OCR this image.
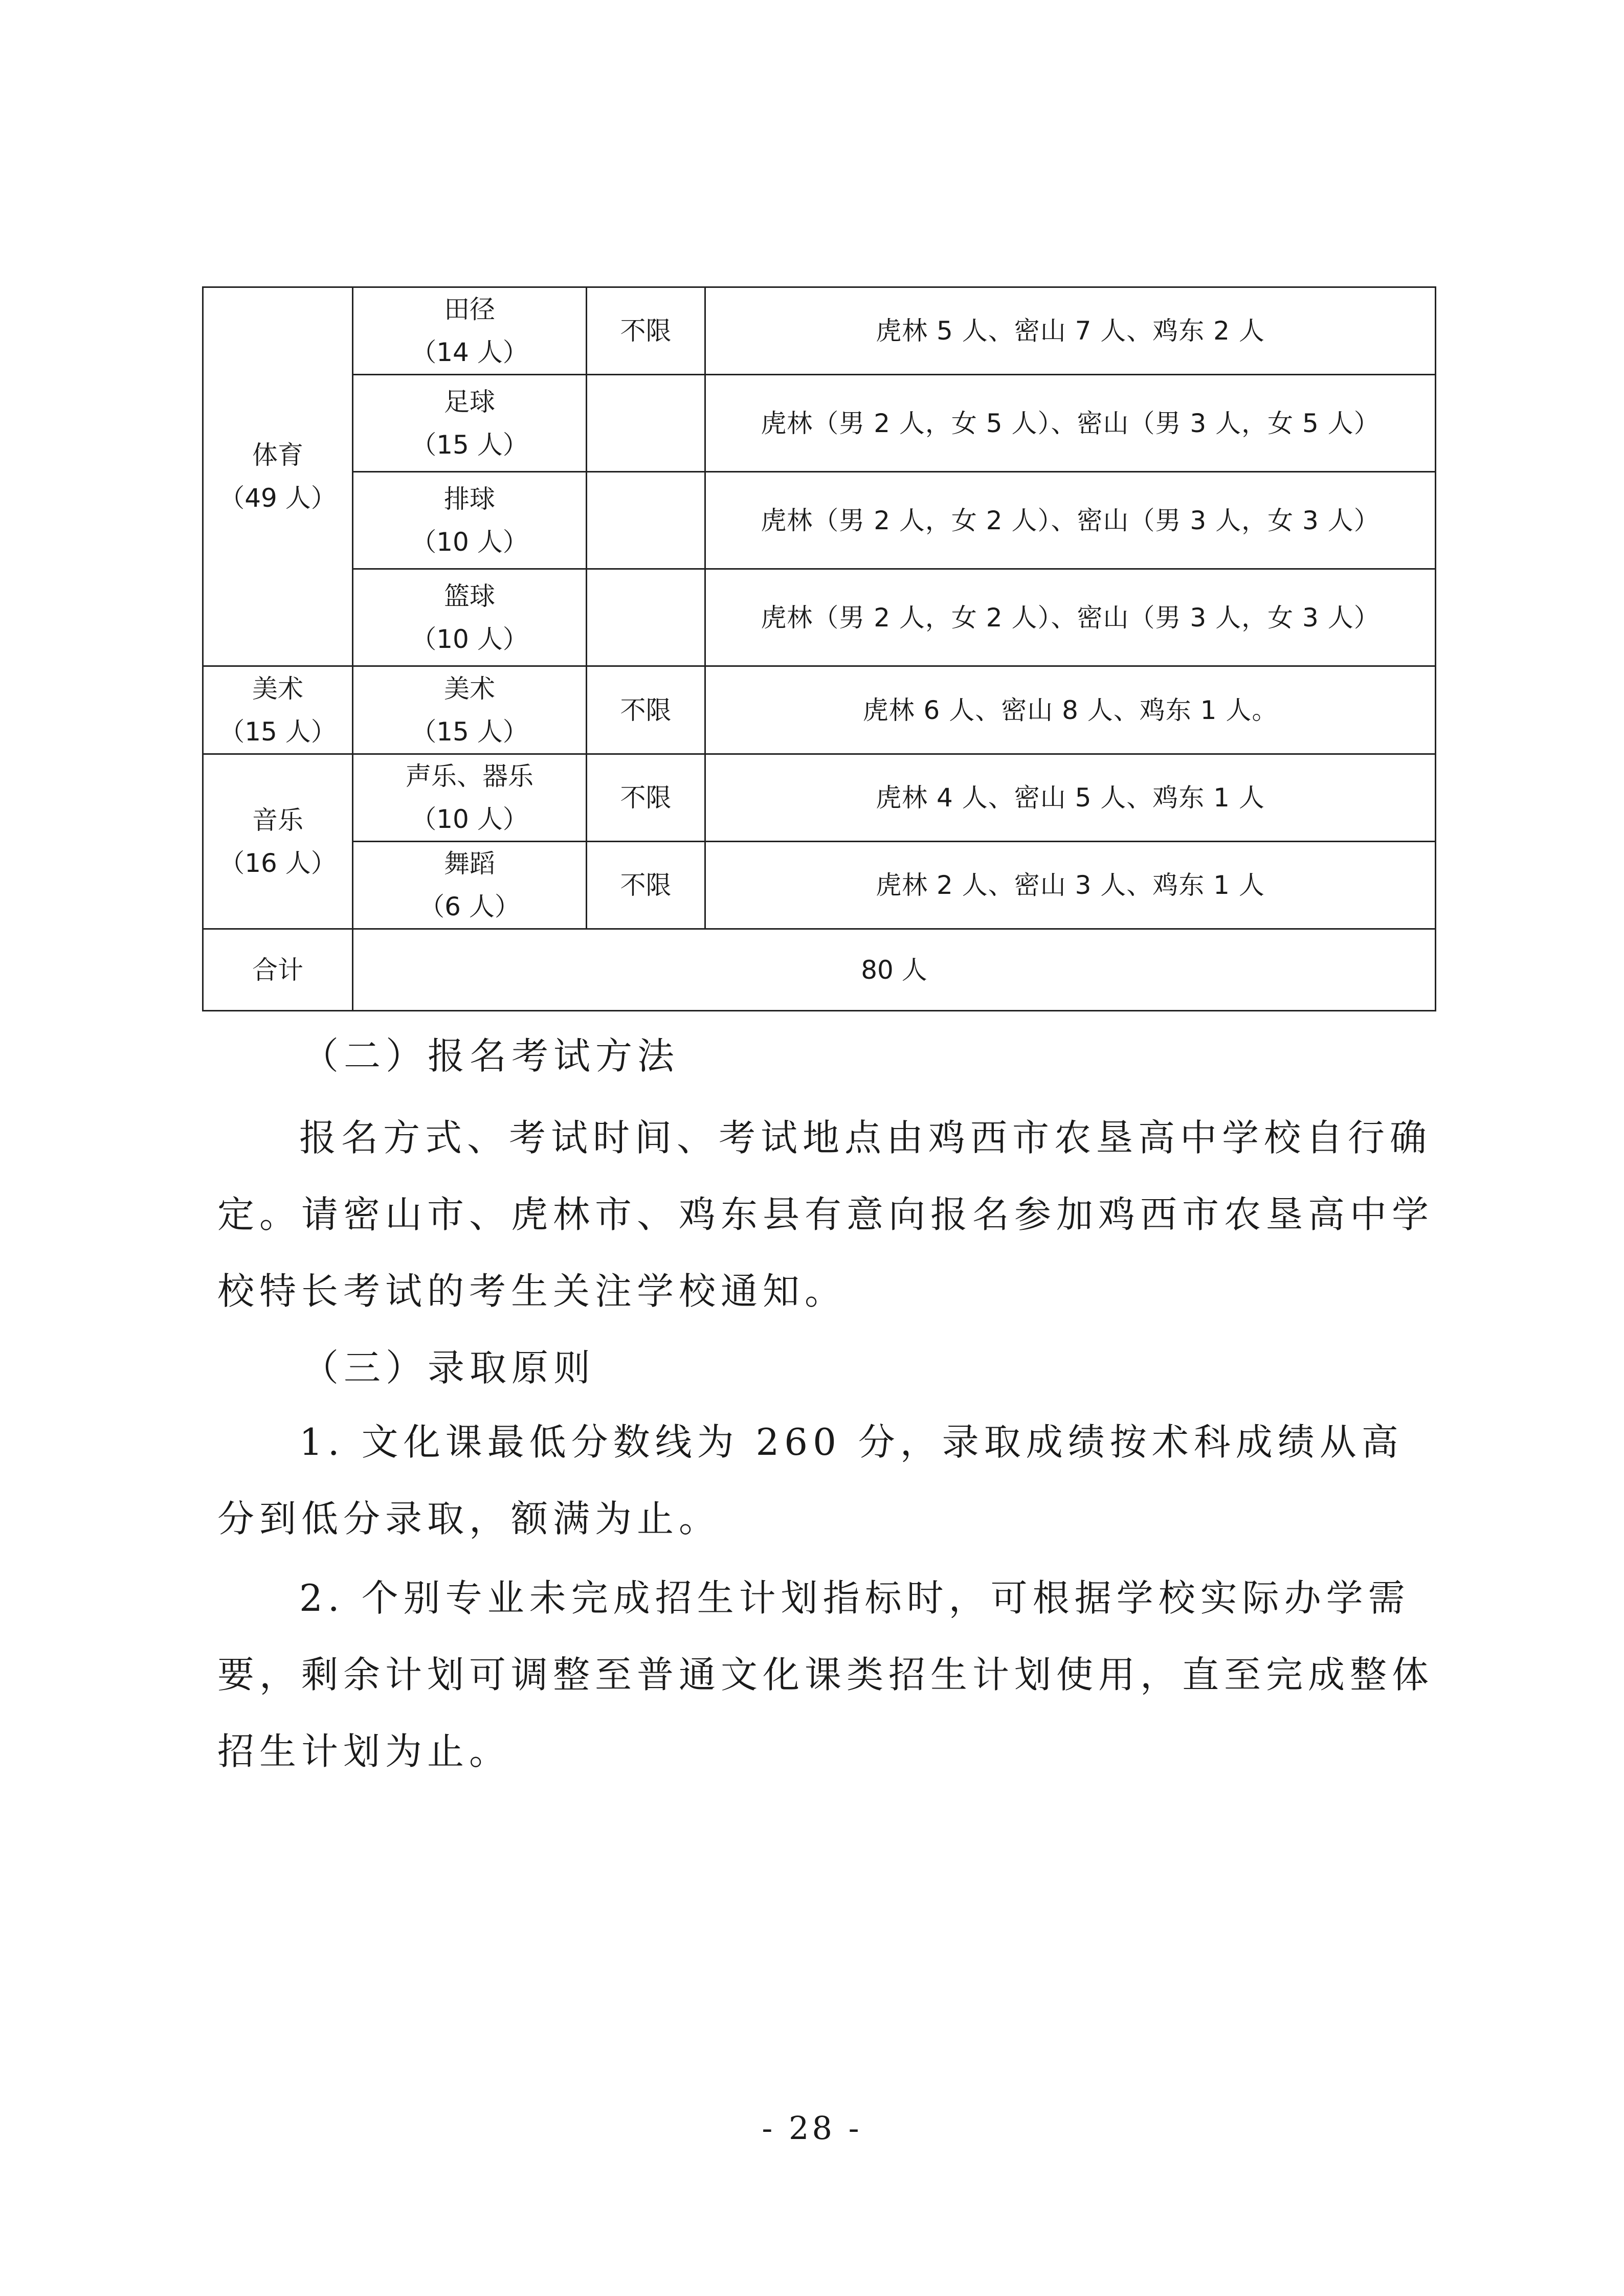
体育
（49 人）	田径
（14 人）	不限	虎林 5 人、密山 7 人、鸡东 2 人

	足球
（15 人）		虎林（男 2 人，女 5 人）、密山（男 3 人，女 5 人）

	排球
（10 人）		虎林（男 2 人，女 2 人）、密山（男 3 人，女 3 人）

	篮球
（10 人）		虎林（男 2 人，女 2 人）、密山（男 3 人，女 3 人）

美术
（15 人）	美术
（15 人）	不限	虎林 6 人、密山 8 人、鸡东 1 人。

音乐
（16 人）	声乐、器乐
（10 人）	不限	虎林 4 人、密山 5 人、鸡东 1 人

	舞蹈
（6 人）	不限	虎林 2 人、密山 3 人、鸡东 1 人
合计	80 人		

（二）报名考试方法

报名方式、考试时间、考试地点由鸡西市农垦高中学校自行确定。请密山市、虎林市、鸡东县有意向报名参加鸡西市农垦高中学校特长考试的考生关注学校通知。

（三）录取原则

1. 文化课最低分数线为 260 分，录取成绩按术科成绩从高分到低分录取，额满为止。

2. 个别专业未完成招生计划指标时，可根据学校实际办学需要，剩余计划可调整至普通文化课类招生计划使用，直至完成整体招生计划为止。

- 28 -
